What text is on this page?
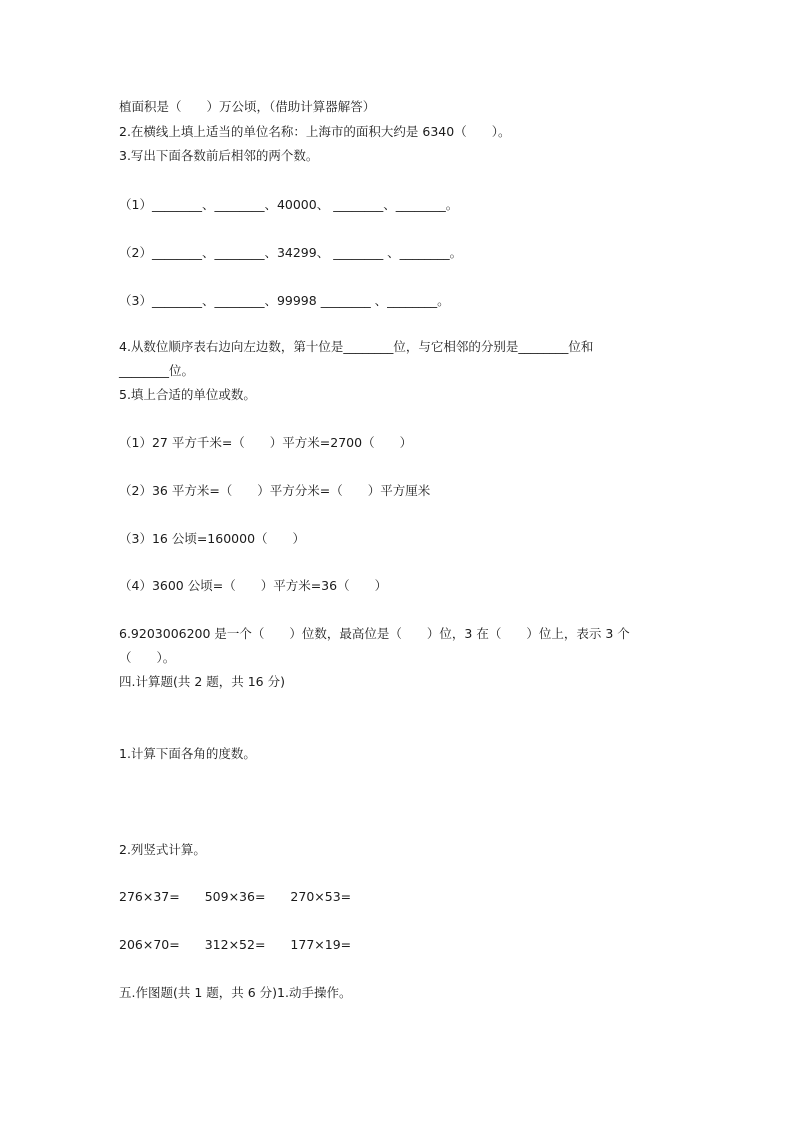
植面积是（　　）万公顷，（借助计算器解答）
2.在横线上填上适当的单位名称：上海市的面积大约是 6340（　　）。
3.写出下面各数前后相邻的两个数。
（1）________、________、40000、 ________、________。
（2）________、________、34299、 ________ 、________。
（3）________、________、99998 ________ 、________。
4.从数位顺序表右边向左边数，第十位是________位，与它相邻的分别是________位和
________位。
5.填上合适的单位或数。
（1）27 平方千米=（　　）平方米=2700（　　）
（2）36 平方米=（　　）平方分米=（　　）平方厘米
（3）16 公顷=160000（　　）
（4）3600 公顷=（　　）平方米=36（　　）
6.9203006200 是一个（　　）位数，最高位是（　　）位，3 在（　　）位上，表示 3 个
（　　）。
四.计算题(共 2 题，共 16 分)
1.计算下面各角的度数。
2.列竖式计算。
276×37=　　509×36=　　270×53=
206×70=　　312×52=　　177×19=
五.作图题(共 1 题，共 6 分)1.动手操作。
